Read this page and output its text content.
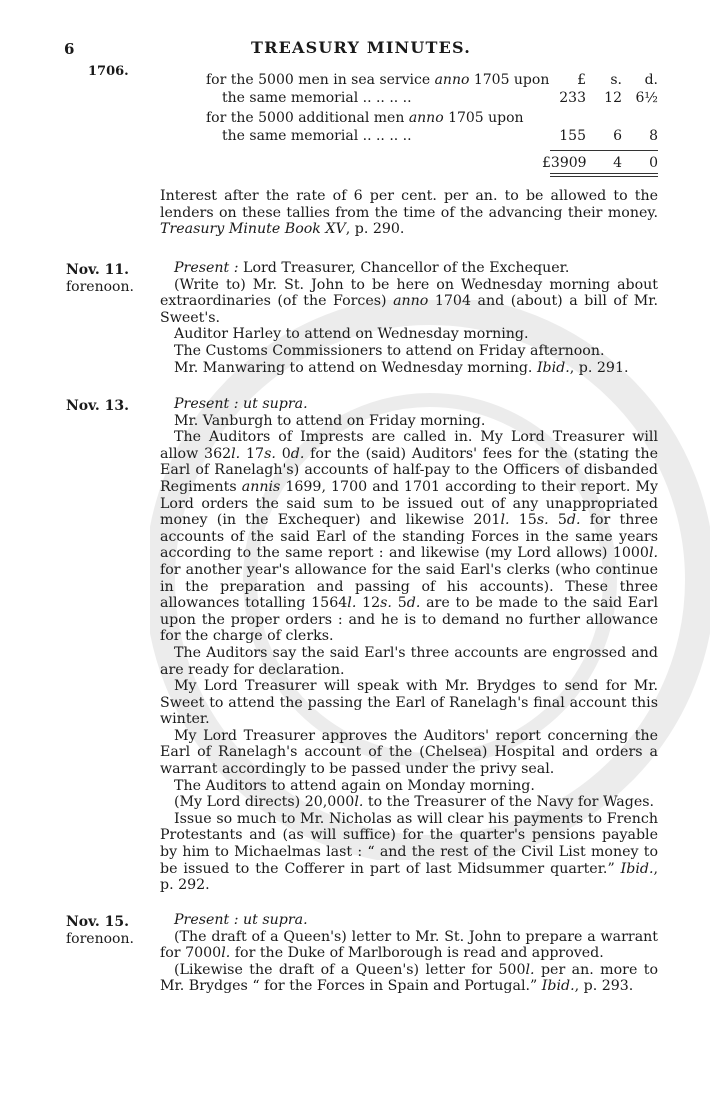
6	TREASURY MINUTES.
1706.
£	s.	d.
for the 5000 men in sea service anno 1705 upon
the same memorial .. .. .. ..	233	12 6½
for the 5000 additional men anno 1705 upon
the same memorial .. .. .. ..	155	6	8
£3909	4	0

Interest after the rate of 6 per cent. per an. to be allowed to the lenders on these tallies from the time of the advancing their money. Treasury Minute Book XV, p. 290.

Nov. 11.
forenoon.

Present : Lord Treasurer, Chancellor of the Exchequer.

(Write to) Mr. St. John to be here on Wednesday morning about extraordinaries (of the Forces) anno 1704 and (about) a bill of Mr. Sweet's.

Auditor Harley to attend on Wednesday morning.

The Customs Commissioners to attend on Friday afternoon.

Mr. Manwaring to attend on Wednesday morning. Ibid., p. 291.

Nov. 13.	Present : ut supra.

Mr. Vanburgh to attend on Friday morning.

The Auditors of Imprests are called in. My Lord Treasurer will allow 362l. 17s. 0d. for the (said) Auditors' fees for the (stating the Earl of Ranelagh's) accounts of half-pay to the Officers of disbanded Regiments annis 1699, 1700 and 1701 according to their report. My Lord orders the said sum to be issued out of any unappropriated money (in the Exchequer) and likewise 201l. 15s. 5d. for three accounts of the said Earl of the standing Forces in the same years according to the same report : and likewise (my Lord allows) 1000l. for another year's allowance for the said Earl's clerks (who continue in the preparation and passing of his accounts). These three allowances totalling 1564l. 12s. 5d. are to be made to the said Earl upon the proper orders : and he is to demand no further allowance for the charge of clerks.

The Auditors say the said Earl's three accounts are engrossed and are ready for declaration.

My Lord Treasurer will speak with Mr. Brydges to send for Mr. Sweet to attend the passing the Earl of Ranelagh's final account this winter.

My Lord Treasurer approves the Auditors' report concerning the Earl of Ranelagh's account of the (Chelsea) Hospital and orders a warrant accordingly to be passed under the privy seal.

The Auditors to attend again on Monday morning.

(My Lord directs) 20,000l. to the Treasurer of the Navy for Wages.

Issue so much to Mr. Nicholas as will clear his payments to French Protestants and (as will suffice) for the quarter's pensions payable by him to Michaelmas last : “ and the rest of the Civil List money to be issued to the Cofferer in part of last Midsummer quarter.” Ibid., p. 292.

Nov. 15.
forenoon.

Present : ut supra.

(The draft of a Queen's) letter to Mr. St. John to prepare a warrant for 7000l. for the Duke of Marlborough is read and approved.

(Likewise the draft of a Queen's) letter for 500l. per an. more to Mr. Brydges “ for the Forces in Spain and Portugal.” Ibid., p. 293.
